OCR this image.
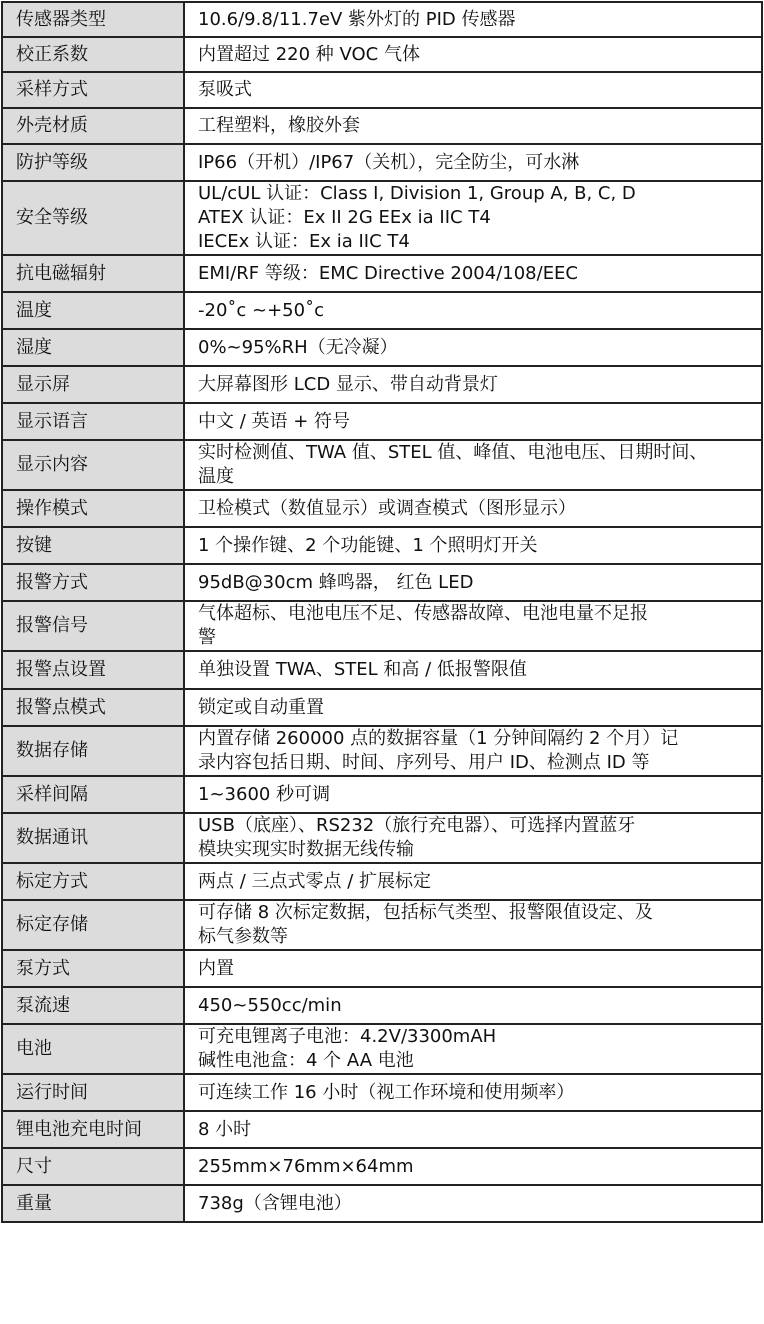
传感器类型	10.6/9.8/11.7eV 紫外灯的 PID 传感器

校正系数	内置超过 220 种 VOC 气体

采样方式	泵吸式

外壳材质	工程塑料，橡胶外套

防护等级	IP66（开机）/IP67（关机），完全防尘，可水淋

安全等级	UL/cUL 认证：Class I, Division 1, Group A, B, C, D
ATEX 认证：Ex II 2G EEx ia IIC T4
IECEx 认证：Ex ia IIC T4

抗电磁辐射	EMI/RF 等级：EMC Directive 2004/108/EEC

温度	-20˚c ~+50˚c

湿度	0%~95%RH（无冷凝）

显示屏	大屏幕图形 LCD 显示、带自动背景灯

显示语言	中文 / 英语 + 符号

显示内容	实时检测值、TWA 值、STEL 值、峰值、电池电压、日期时间、
温度

操作模式	卫检模式（数值显示）或调查模式（图形显示）

按键	1 个操作键、2 个功能键、1 个照明灯开关

报警方式	95dB@30cm 蜂鸣器， 红色 LED

报警信号	气体超标、电池电压不足、传感器故障、电池电量不足报
警

报警点设置	单独设置 TWA、STEL 和高 / 低报警限值

报警点模式	锁定或自动重置

数据存储	内置存储 260000 点的数据容量（1 分钟间隔约 2 个月）记
录内容包括日期、时间、序列号、用户 ID、检测点 ID 等

采样间隔	1~3600 秒可调

数据通讯	USB（底座）、RS232（旅行充电器）、可选择内置蓝牙
模块实现实时数据无线传输

标定方式	两点 / 三点式零点 / 扩展标定

标定存储	可存储 8 次标定数据，包括标气类型、报警限值设定、及
标气参数等

泵方式	内置

泵流速	450~550cc/min

电池	可充电锂离子电池：4.2V/3300mAH
碱性电池盒：4 个 AA 电池

运行时间	可连续工作 16 小时（视工作环境和使用频率）

锂电池充电时间	8 小时

尺寸	255mm×76mm×64mm

重量	738g（含锂电池）
